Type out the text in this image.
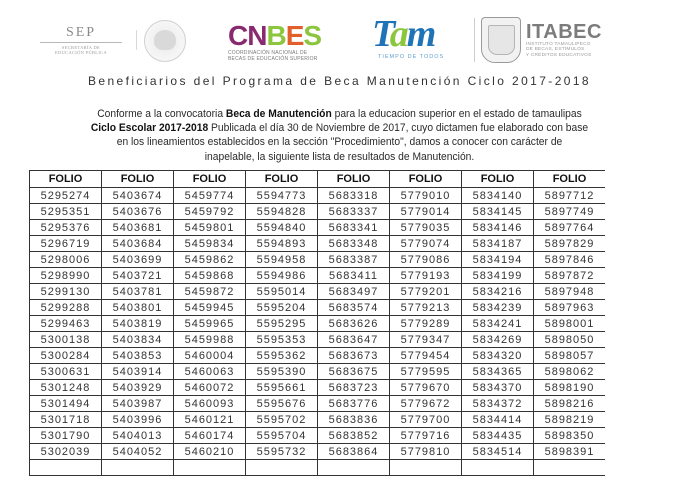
SEP
SECRETARÍA DE
EDUCACIÓN PÚBLICA
CNBES
COORDINACIÓN NACIONAL DE
BECAS DE EDUCACIÓN SUPERIOR
Tam
TIEMPO DE TODOS
ITABEC
INSTITUTO TAMAULIPECO
DE BECAS, ESTÍMULOS
Y CRÉDITOS EDUCATIVOS
Beneficiarios del Programa de Beca Manutención Ciclo 2017-2018
Conforme a la convocatoria Beca de Manutención para la educacion superior en el estado de tamaulipas
Ciclo Escolar 2017-2018 Publicada el día 30 de Noviembre de 2017, cuyo dictamen fue elaborado con base
en los lineamientos establecidos en la sección "Procedimiento", damos a conocer con carácter de
inapelable, la siguiente lista de resultados de Manutención.
FOLIO	FOLIO	FOLIO	FOLIO	FOLIO	FOLIO	FOLIO	FOLIO
5295274	5403674	5459774	5594773	5683318	5779010	5834140	5897712
5295351	5403676	5459792	5594828	5683337	5779014	5834145	5897749
5295376	5403681	5459801	5594840	5683341	5779035	5834146	5897764
5296719	5403684	5459834	5594893	5683348	5779074	5834187	5897829
5298006	5403699	5459862	5594958	5683387	5779086	5834194	5897846
5298990	5403721	5459868	5594986	5683411	5779193	5834199	5897872
5299130	5403781	5459872	5595014	5683497	5779201	5834216	5897948
5299288	5403801	5459945	5595204	5683574	5779213	5834239	5897963
5299463	5403819	5459965	5595295	5683626	5779289	5834241	5898001
5300138	5403834	5459988	5595353	5683647	5779347	5834269	5898050
5300284	5403853	5460004	5595362	5683673	5779454	5834320	5898057
5300631	5403914	5460063	5595390	5683675	5779595	5834365	5898062
5301248	5403929	5460072	5595661	5683723	5779670	5834370	5898190
5301494	5403987	5460093	5595676	5683776	5779672	5834372	5898216
5301718	5403996	5460121	5595702	5683836	5779700	5834414	5898219
5301790	5404013	5460174	5595704	5683852	5779716	5834435	5898350
5302039	5404052	5460210	5595732	5683864	5779810	5834514	5898391
